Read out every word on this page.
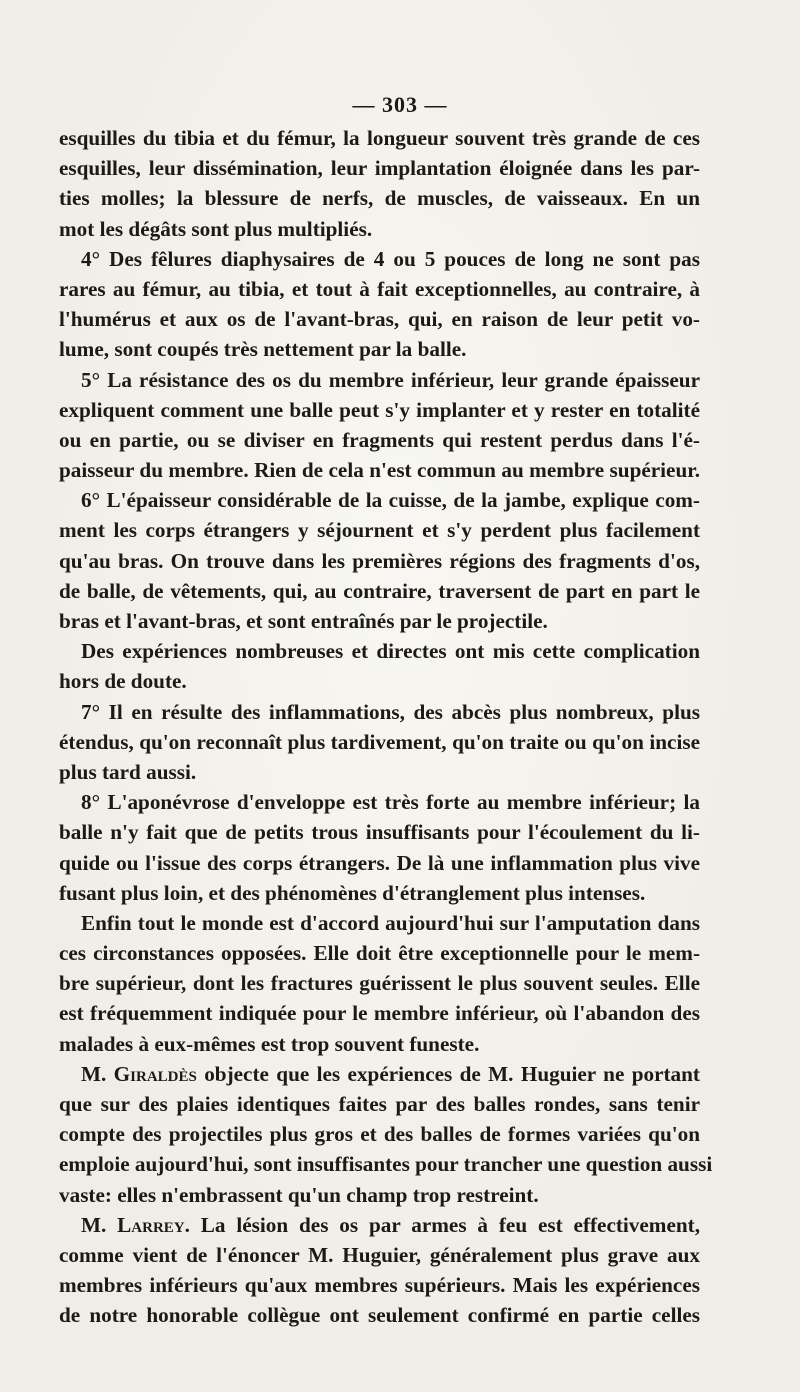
— 303 —
esquilles du tibia et du fémur, la longueur souvent très grande de ces
esquilles, leur dissémination, leur implantation éloignée dans les par-
ties molles; la blessure de nerfs, de muscles, de vaisseaux. En un
mot les dégâts sont plus multipliés.
4° Des fêlures diaphysaires de 4 ou 5 pouces de long ne sont pas
rares au fémur, au tibia, et tout à fait exceptionnelles, au contraire, à
l'humérus et aux os de l'avant-bras, qui, en raison de leur petit vo-
lume, sont coupés très nettement par la balle.
5° La résistance des os du membre inférieur, leur grande épaisseur
expliquent comment une balle peut s'y implanter et y rester en totalité
ou en partie, ou se diviser en fragments qui restent perdus dans l'é-
paisseur du membre. Rien de cela n'est commun au membre supérieur.
6° L'épaisseur considérable de la cuisse, de la jambe, explique com-
ment les corps étrangers y séjournent et s'y perdent plus facilement
qu'au bras. On trouve dans les premières régions des fragments d'os,
de balle, de vêtements, qui, au contraire, traversent de part en part le
bras et l'avant-bras, et sont entraînés par le projectile.
Des expériences nombreuses et directes ont mis cette complication
hors de doute.
7° Il en résulte des inflammations, des abcès plus nombreux, plus
étendus, qu'on reconnaît plus tardivement, qu'on traite ou qu'on incise
plus tard aussi.
8° L'aponévrose d'enveloppe est très forte au membre inférieur; la
balle n'y fait que de petits trous insuffisants pour l'écoulement du li-
quide ou l'issue des corps étrangers. De là une inflammation plus vive
fusant plus loin, et des phénomènes d'étranglement plus intenses.
Enfin tout le monde est d'accord aujourd'hui sur l'amputation dans
ces circonstances opposées. Elle doit être exceptionnelle pour le mem-
bre supérieur, dont les fractures guérissent le plus souvent seules. Elle
est fréquemment indiquée pour le membre inférieur, où l'abandon des
malades à eux-mêmes est trop souvent funeste.
M. Giraldès objecte que les expériences de M. Huguier ne portant
que sur des plaies identiques faites par des balles rondes, sans tenir
compte des projectiles plus gros et des balles de formes variées qu'on
emploie aujourd'hui, sont insuffisantes pour trancher une question aussi
vaste: elles n'embrassent qu'un champ trop restreint.
M. Larrey. La lésion des os par armes à feu est effectivement,
comme vient de l'énoncer M. Huguier, généralement plus grave aux
membres inférieurs qu'aux membres supérieurs. Mais les expériences
de notre honorable collègue ont seulement confirmé en partie celles
